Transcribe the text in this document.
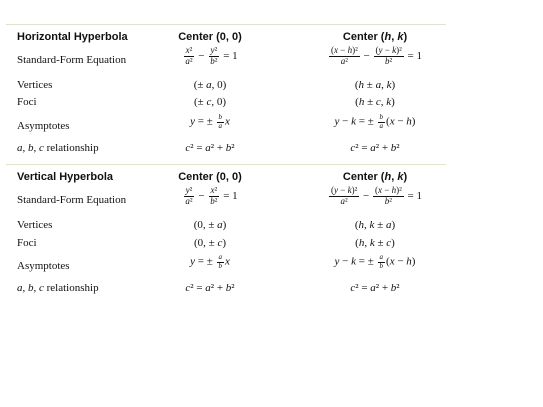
Horizontal Hyperbola	Center (0, 0)	Center (h, k)
Standard-Form Equation	$\frac{\text{x²}}{\text{a²}} - \frac{\text{y²}}{\text{b²}} = 1$	$\frac{\text{(x − h)²}}{\text{a²}} - \frac{\text{(y − k)²}}{\text{b²}} = 1$
Vertices	(± a, 0)	(h ± a, k)
Foci	(± c, 0)	(h ± c, k)
Asymptotes	y = ± $\frac{b}{a}$ x	y − k = ± $\frac{b}{a} (x - h)$
a, b, c relationship	c² = a² + b²	c² = a² + b²
Vertical Hyperbola	Center (0, 0)	Center (h, k)
Standard-Form Equation	$\frac{\text{y²}}{\text{a²}} - \frac{\text{x²}}{\text{b²}} = 1$	$\frac{\text{(y − k)²}}{\text{a²}} - \frac{\text{(x − h)²}}{\text{b²}} = 1$
Vertices	(0, ± a)	(h, k ± a)
Foci	(0, ± c)	(h, k ± c)
Asymptotes	y = ± $\frac{a}{b}$ x	y − k = ± $\frac{a}{b} (x - h)$
a, b, c relationship	c² = a² + b²	c² = a² + b²
